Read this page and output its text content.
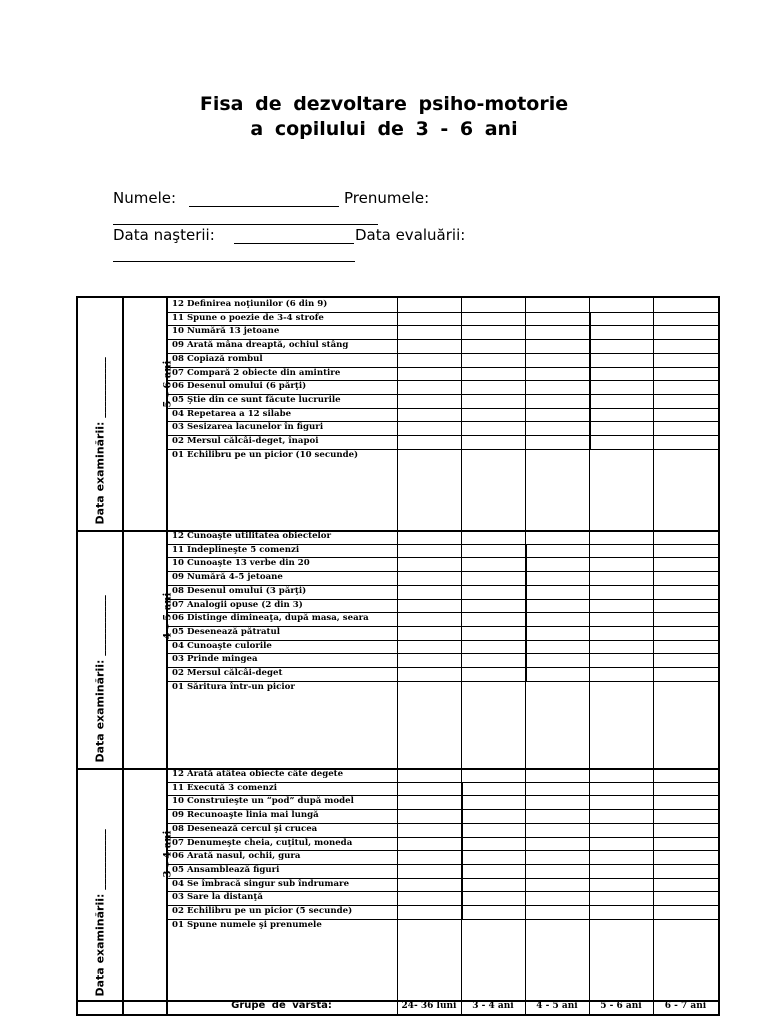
Fisa de dezvoltare psiho-motorie
a copilului de 3 - 6 ani
Numele:	Prenumele:
Data naşterii:	Data evaluării:
12 Definirea noţiunilor (6 din 9)
11 Spune o poezie de 3-4 strofe
10 Numără 13 jetoane
09 Arată mâna dreaptă, ochiul stâng
08 Copiază rombul
07 Compară 2 obiecte din amintire
06 Desenul omului (6 părţi)
05 Ştie din ce sunt făcute lucrurile
04 Repetarea a 12 silabe
03 Sesizarea lacunelor în figuri
02 Mersul călcâi-deget, înapoi
01 Echilibru pe un picior (10 secunde)
5 – 6 ani
Data examinării: ___________
12 Cunoaşte utilitatea obiectelor
11 Îndeplineşte 5 comenzi
10 Cunoaşte 13 verbe din 20
09 Numără 4-5 jetoane
08 Desenul omului (3 părţi)
07 Analogii opuse (2 din 3)
06 Distinge dimineaţa, după masa, seara
05 Desenează pătratul
04 Cunoaşte culorile
03 Prinde mingea
02 Mersul călcâi-deget
01 Săritura într-un picior
4 – 5 ani
Data examinării: ___________
12 Arată atâtea obiecte câte degete
11 Execută 3 comenzi
10 Construieşte un “pod” după model
09 Recunoaşte linia mai lungă
08 Desenează cercul şi crucea
07 Denumeşte cheia, cuţitul, moneda
06 Arată nasul, ochii, gura
05 Ansamblează figuri
04 Se îmbracă singur sub îndrumare
03 Sare la distanţă
02 Echilibru pe un picior (5 secunde)
01 Spune numele şi prenumele
3 – 4 ani
Data examinării: ___________
Grupe de vârsta:	24- 36 luni	3 - 4 ani	4 - 5 ani	5 - 6 ani	6 - 7 ani
